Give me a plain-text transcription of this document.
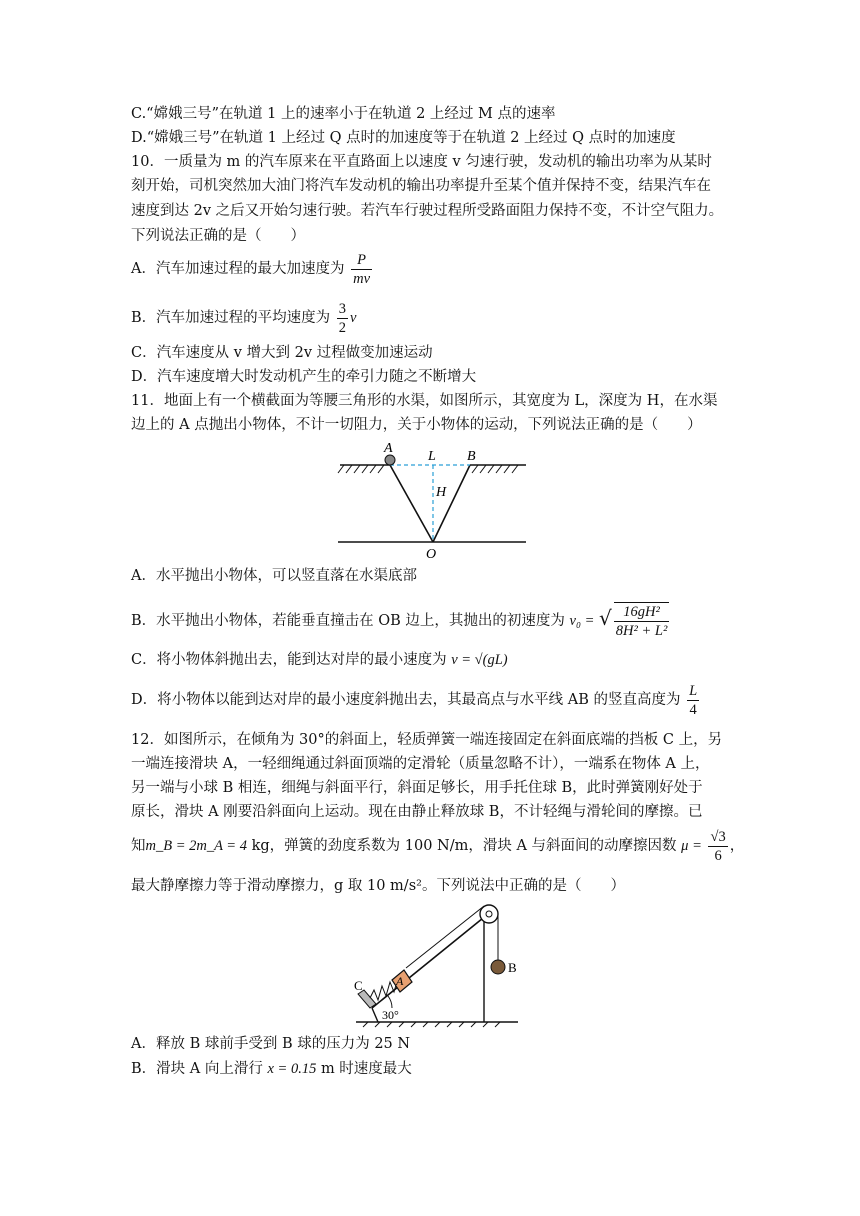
C.“嫦娥三号”在轨道 1 上的速率小于在轨道 2 上经过 M 点的速率
D.“嫦娥三号”在轨道 1 上经过 Q 点时的加速度等于在轨道 2 上经过 Q 点时的加速度
10．一质量为 m 的汽车原来在平直路面上以速度 v 匀速行驶，发动机的输出功率为从某时
刻开始，司机突然加大油门将汽车发动机的输出功率提升至某个值并保持不变，结果汽车在
速度到达 2v 之后又开始匀速行驶。若汽车行驶过程所受路面阻力保持不变，不计空气阻力。
下列说法正确的是（　　）
A．汽车加速过程的最大加速度为 $\frac{P}{mv}$
B．汽车加速过程的平均速度为 $\frac{3}{2}$ v
C．汽车速度从 v 增大到 2v 过程做变加速运动
D．汽车速度增大时发动机产生的牵引力随之不断增大
11．地面上有一个横截面为等腰三角形的水渠，如图所示，其宽度为 L，深度为 H，在水渠
边上的 A 点抛出小物体，不计一切阻力，关于小物体的运动，下列说法正确的是（　　）
A
L B
H
O
A．水平抛出小物体，可以竖直落在水渠底部
B．水平抛出小物体，若能垂直撞击在 OB 边上，其抛出的初速度为 v₀ = √ $\frac{\text{16gH²}}{\text{8H² + L²}}$
C．将小物体斜抛出去，能到达对岸的最小速度为 v = √(gL)
D．将小物体以能到达对岸的最小速度斜抛出去，其最高点与水平线 AB 的竖直高度为 $\frac{L}{4}$
12．如图所示，在倾角为 30°的斜面上，轻质弹簧一端连接固定在斜面底端的挡板 C 上，另
一端连接滑块 A，一轻细绳通过斜面顶端的定滑轮（质量忽略不计），一端系在物体 A 上，
另一端与小球 B 相连，细绳与斜面平行，斜面足够长，用手托住球 B，此时弹簧刚好处于
原长，滑块 A 刚要沿斜面向上运动。现在由静止释放球 B，不计轻绳与滑轮间的摩擦。已
知m_B = 2m_A = 4 kg，弹簧的劲度系数为 100 N/m，滑块 A 与斜面间的动摩擦因数 $\mu = \frac{√3}{6}$ ，
最大静摩擦力等于滑动摩擦力，g 取 10 m/s²。下列说法中正确的是（　　）
C	A
B
30°
A．释放 B 球前手受到 B 球的压力为 25 N
B．滑块 A 向上滑行 x = 0.15 m 时速度最大
